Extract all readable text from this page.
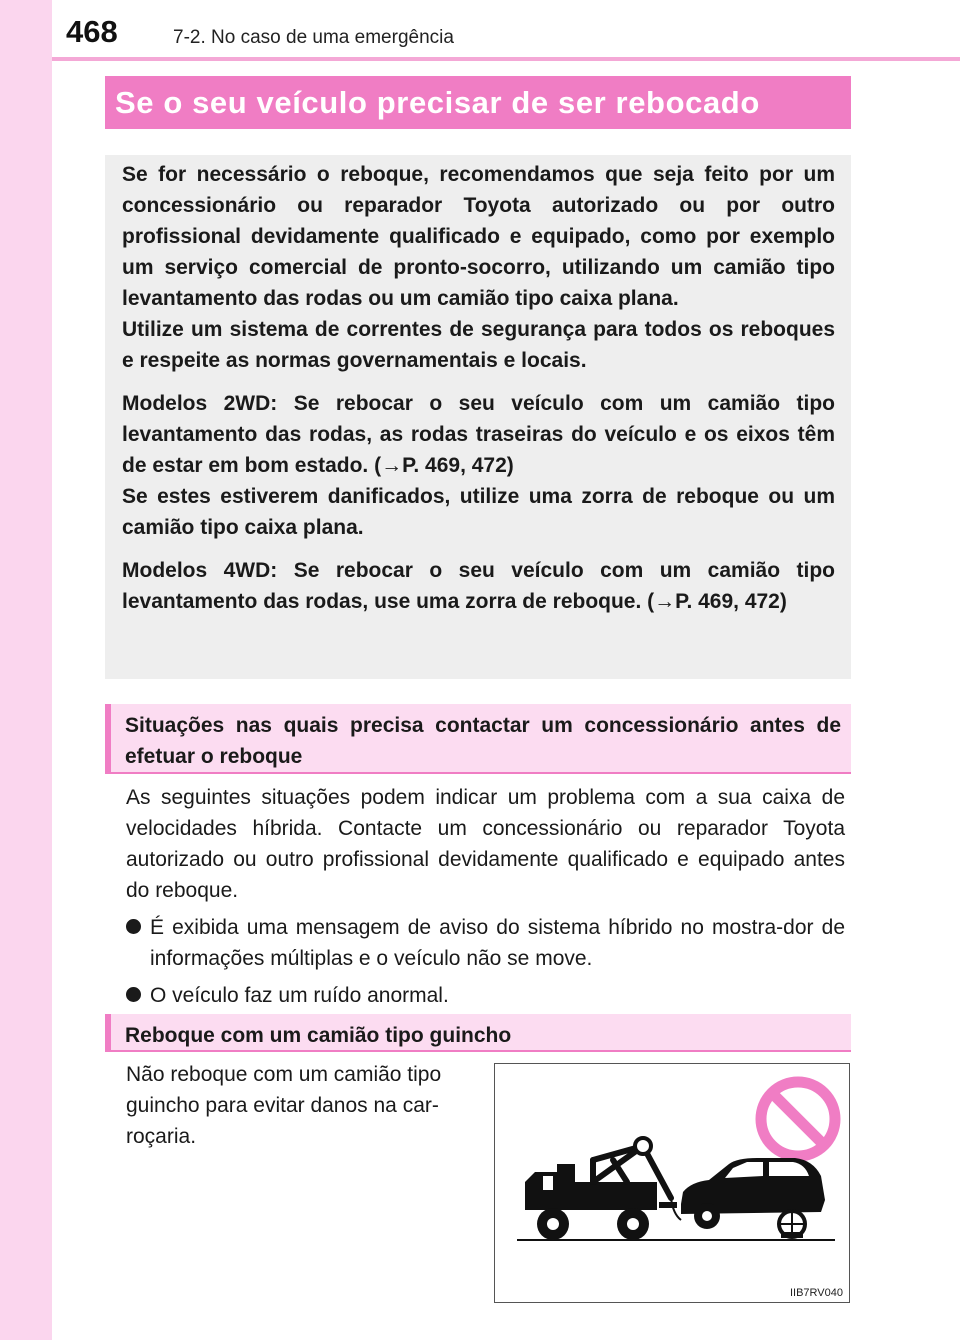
468	7-2. No caso de uma emergência
Se o seu veículo precisar de ser rebocado

Se for necessário o reboque, recomendamos que seja feito por um concessionário ou reparador Toyota autorizado ou por outro profissional devidamente qualificado e equipado, como por exemplo um serviço comercial de pronto-socorro, utilizando um camião tipo levantamento das rodas ou um camião tipo caixa plana.

Utilize um sistema de correntes de segurança para todos os reboques e respeite as normas governamentais e locais.

Modelos 2WD: Se rebocar o seu veículo com um camião tipo levantamento das rodas, as rodas traseiras do veículo e os eixos têm de estar em bom estado. (→P. 469, 472)

Se estes estiverem danificados, utilize uma zorra de reboque ou um camião tipo caixa plana.

Modelos 4WD: Se rebocar o seu veículo com um camião tipo levantamento das rodas, use uma zorra de reboque. (→P. 469, 472)

Situações nas quais precisa contactar um concessionário antes de efetuar o reboque

As seguintes situações podem indicar um problema com a sua caixa de velocidades híbrida. Contacte um concessionário ou reparador Toyota autorizado ou outro profissional devidamente qualificado e equipado antes do reboque.

É exibida uma mensagem de aviso do sistema híbrido no mostra-dor de informações múltiplas e o veículo não se move.

O veículo faz um ruído anormal.

Reboque com um camião tipo guincho
Não reboque com um camião tipo guincho para evitar danos na car-roçaria.
IIB7RV040
